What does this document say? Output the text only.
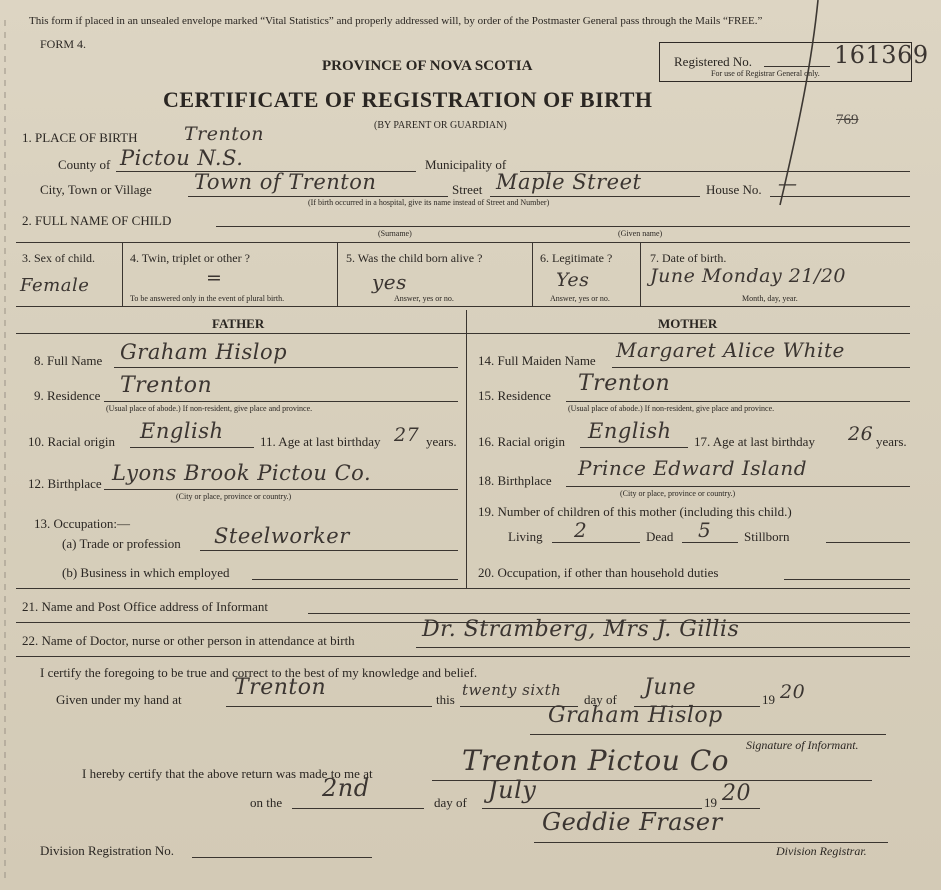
This form if placed in an unsealed envelope marked “Vital Statistics” and properly addressed will, by order of the Postmaster General pass through the Mails “FREE.”
FORM 4.
PROVINCE OF NOVA SCOTIA
CERTIFICATE OF REGISTRATION OF BIRTH
(BY PARENT OR GUARDIAN)
Registered No.
For use of Registrar General only.
161369
769
1. PLACE OF BIRTH Trenton
County of Pictou N.S.	Municipality of
City, Town or Village Town of Trenton	Street Maple Street	House No. —
(If birth occurred in a hospital, give its name instead of Street and Number)
2. FULL NAME OF CHILD
(Surname)	(Given name)
3. Sex of child.
Female
4. Twin, triplet or other ?
=
To be answered only in the event of plural birth.
5. Was the child born alive ?
yes
Answer, yes or no.
6. Legitimate ?
Yes
Answer, yes or no.
7. Date of birth.
June Monday 21/20
Month, day, year.
FATHER	MOTHER
8. Full Name Graham Hislop
9. Residence Trenton
(Usual place of abode.) If non-resident, give place and province.
10. Racial origin English	11. Age at last birthday 27 years.
12. Birthplace Lyons Brook Pictou Co.
(City or place, province or country.)
13. Occupation:—
(a) Trade or profession Steelworker
(b) Business in which employed
14. Full Maiden Name Margaret Alice White
15. Residence Trenton
(Usual place of abode.) If non-resident, give place and province.
16. Racial origin English 17. Age at last birthday 26 years.
18. Birthplace
Prince Edward Island
(City or place, province or country.)
19. Number of children of this mother (including this child.)
Living 2	Dead 5	Stillborn
20. Occupation, if other than household duties
21. Name and Post Office address of Informant
22. Name of Doctor, nurse or other person in attendance at birth	Dr. Stramberg, Mrs J. Gillis
I certify the foregoing to be true and correct to the best of my knowledge and belief.
Given under my hand at Trenton	this
twenty sixth
day of June	19 20
Graham Hislop
Signature of Informant.
I hereby certify that the above return was made to me at	Trenton Pictou Co
on the
2nd
day of July	19 20
Geddie Fraser
Division Registrar.
Division Registration No.
